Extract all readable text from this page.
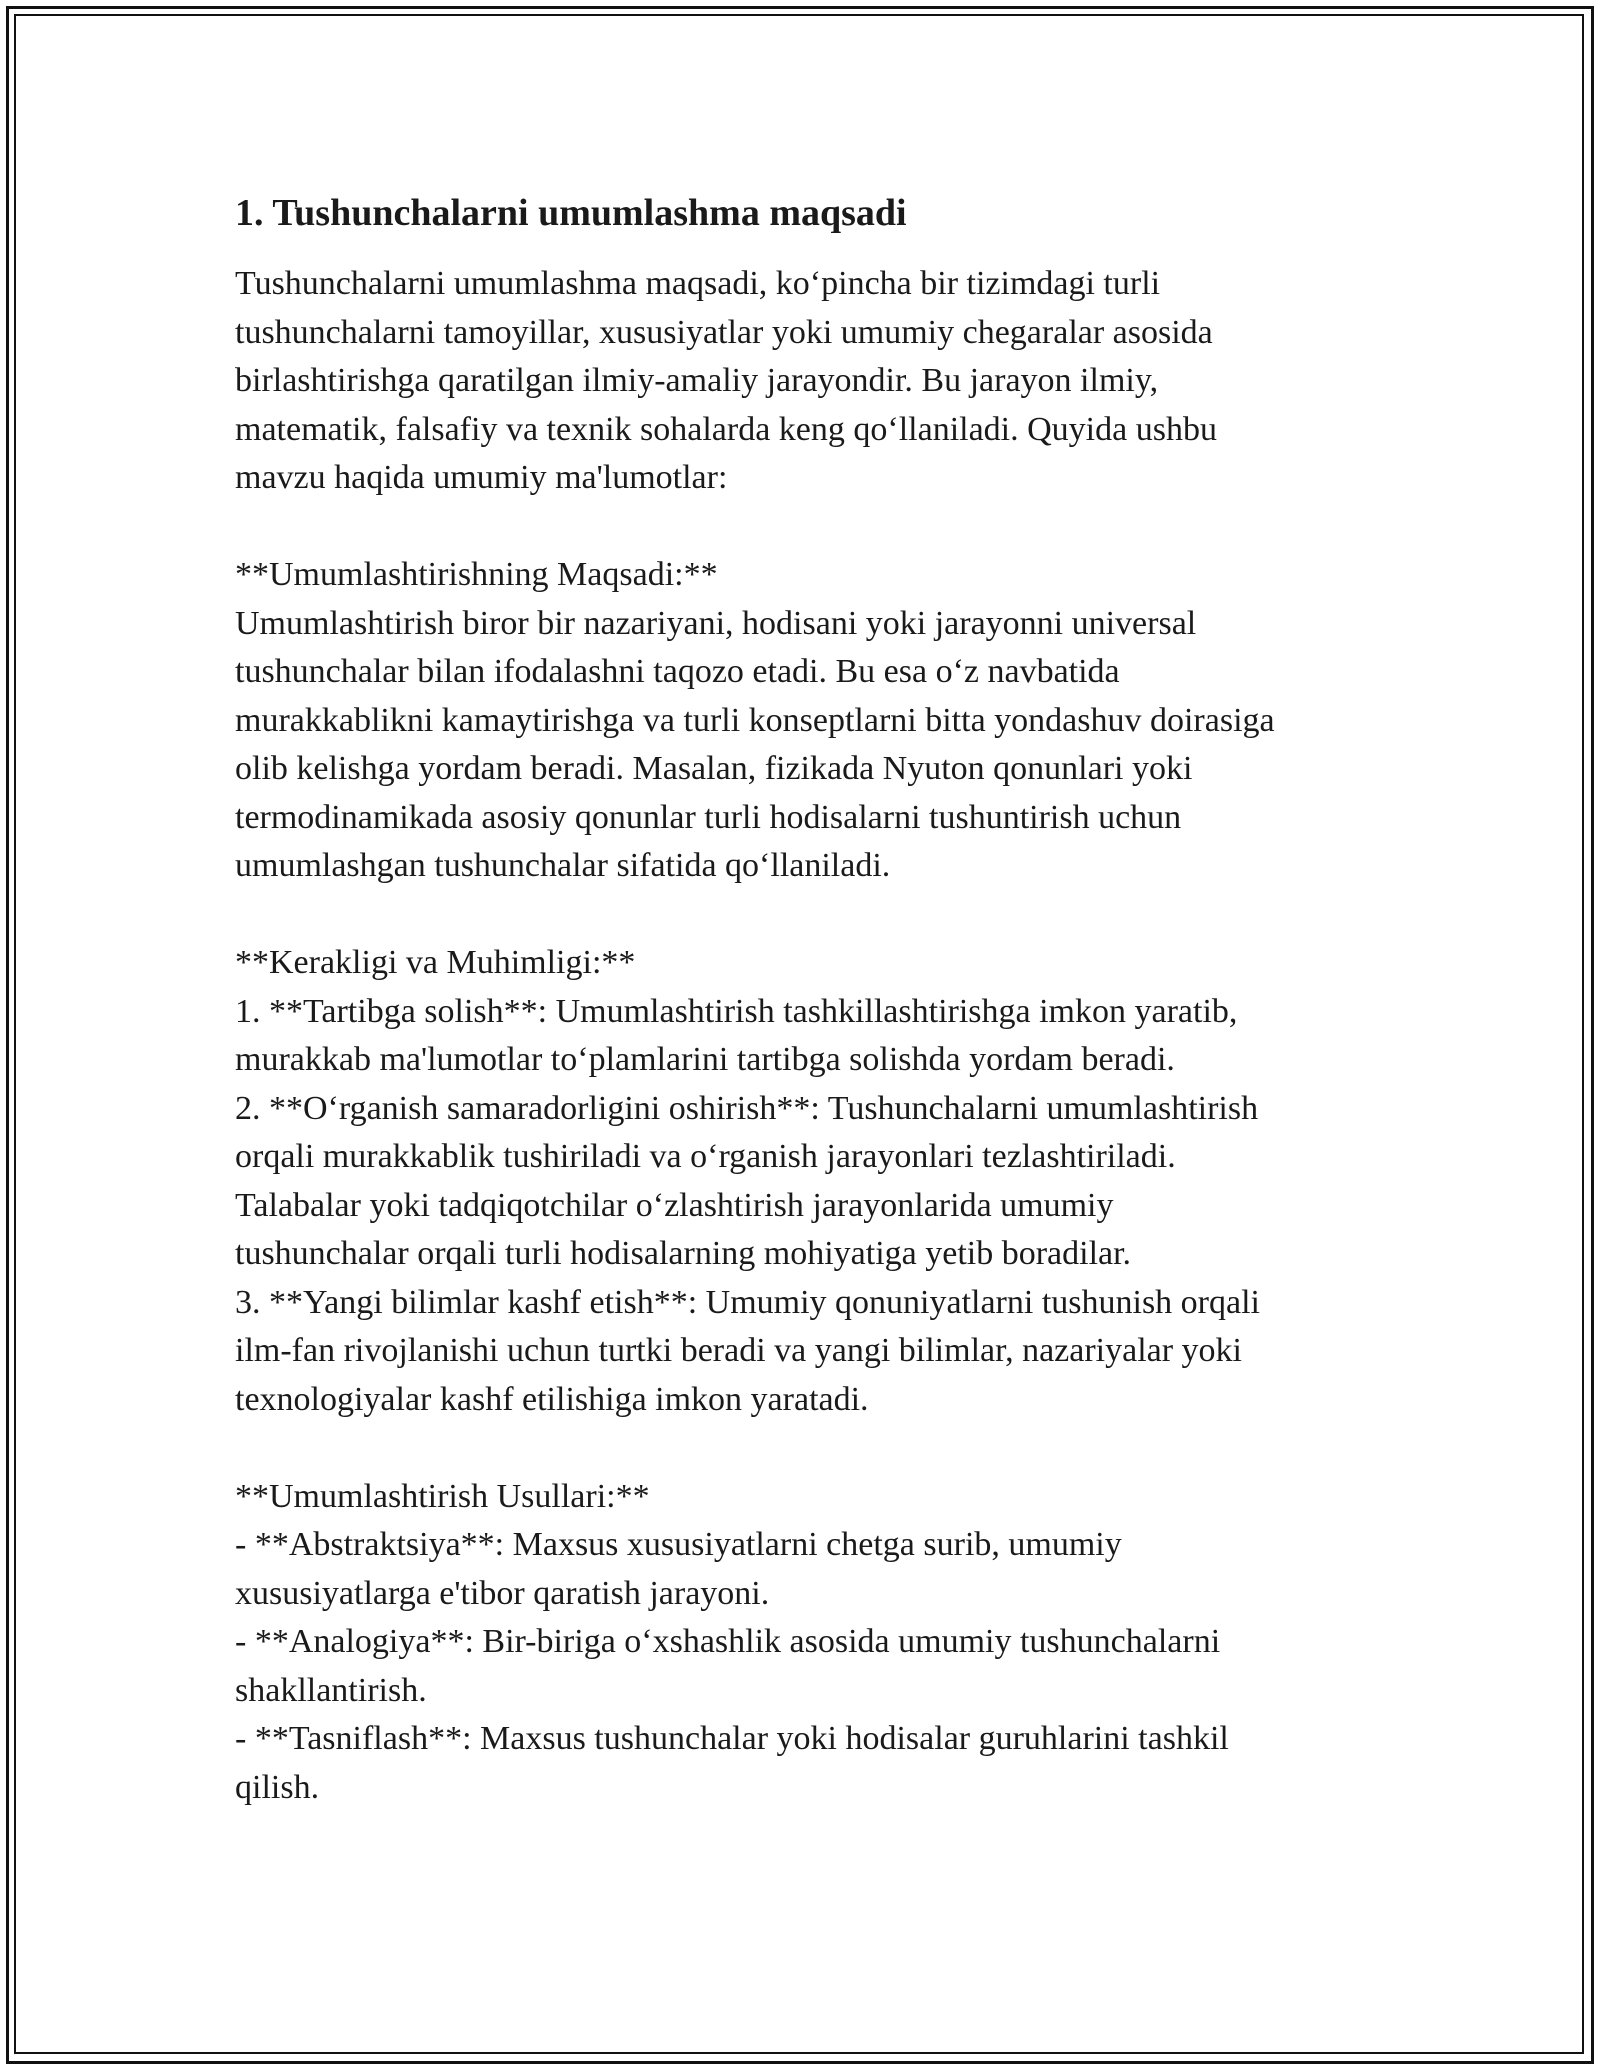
1. Tushunchalarni umumlashma maqsadi

Tushunchalarni umumlashma maqsadi, ko‘pincha bir tizimdagi turli
tushunchalarni tamoyillar, xususiyatlar yoki umumiy chegaralar asosida
birlashtirishga qaratilgan ilmiy-amaliy jarayondir. Bu jarayon ilmiy,
matematik, falsafiy va texnik sohalarda keng qo‘llaniladi. Quyida ushbu
mavzu haqida umumiy ma'lumotlar:

**Umumlashtirishning Maqsadi:**
Umumlashtirish biror bir nazariyani, hodisani yoki jarayonni universal
tushunchalar bilan ifodalashni taqozo etadi. Bu esa o‘z navbatida
murakkablikni kamaytirishga va turli konseptlarni bitta yondashuv doirasiga
olib kelishga yordam beradi. Masalan, fizikada Nyuton qonunlari yoki
termodinamikada asosiy qonunlar turli hodisalarni tushuntirish uchun
umumlashgan tushunchalar sifatida qo‘llaniladi.

**Kerakligi va Muhimligi:**
1. **Tartibga solish**: Umumlashtirish tashkillashtirishga imkon yaratib,
murakkab ma'lumotlar to‘plamlarini tartibga solishda yordam beradi.
2. **O‘rganish samaradorligini oshirish**: Tushunchalarni umumlashtirish
orqali murakkablik tushiriladi va o‘rganish jarayonlari tezlashtiriladi.
Talabalar yoki tadqiqotchilar o‘zlashtirish jarayonlarida umumiy
tushunchalar orqali turli hodisalarning mohiyatiga yetib boradilar.
3. **Yangi bilimlar kashf etish**: Umumiy qonuniyatlarni tushunish orqali
ilm-fan rivojlanishi uchun turtki beradi va yangi bilimlar, nazariyalar yoki
texnologiyalar kashf etilishiga imkon yaratadi.

**Umumlashtirish Usullari:**
- **Abstraktsiya**: Maxsus xususiyatlarni chetga surib, umumiy
xususiyatlarga e'tibor qaratish jarayoni.
- **Analogiya**: Bir-biriga o‘xshashlik asosida umumiy tushunchalarni
shakllantirish.
- **Tasniflash**: Maxsus tushunchalar yoki hodisalar guruhlarini tashkil
qilish.
